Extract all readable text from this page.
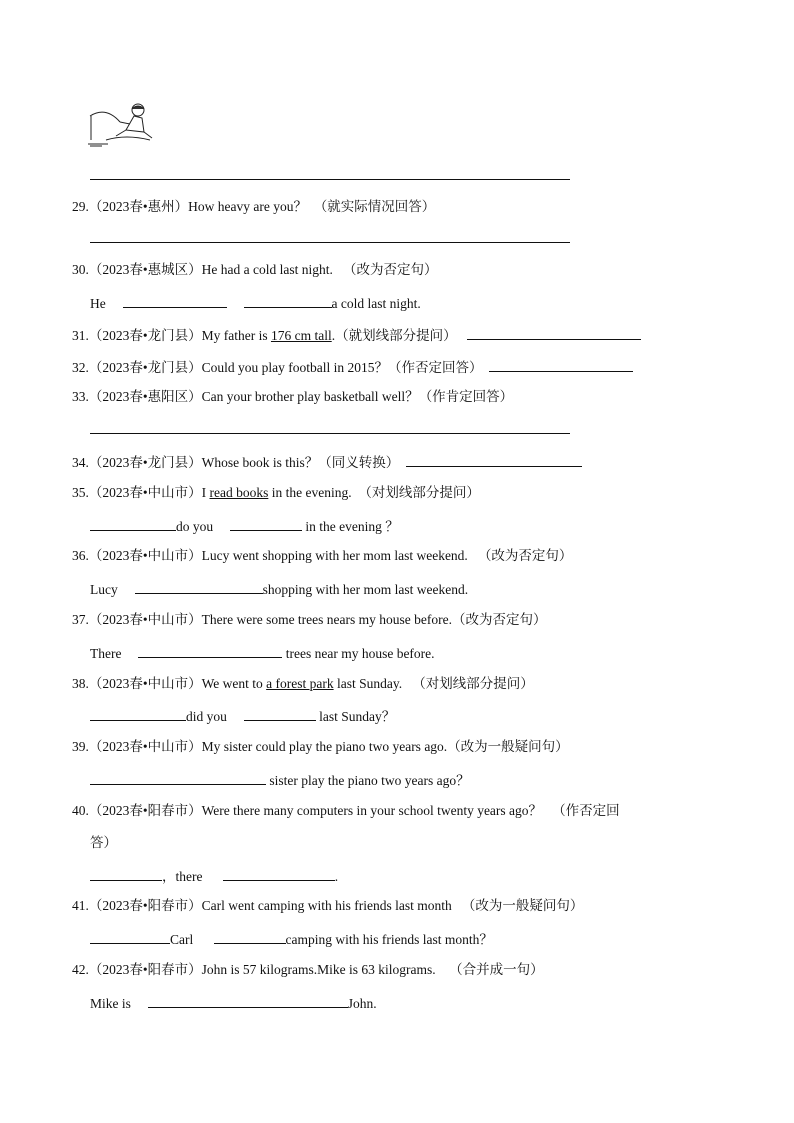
29.（2023春•惠州）How heavy are you？ （就实际情况回答）
30.（2023春•惠城区）He had a cold last night. （改为否定句）
He	a cold last night.
31.（2023春•龙门县）My father is 176 cm tall.（就划线部分提问）
32.（2023春•龙门县）Could you play football in 2015？（作否定回答）
33.（2023春•惠阳区）Can your brother play basketball well？（作肯定回答）
34.（2023春•龙门县）Whose book is this？（同义转换）
35.（2023春•中山市）I read books in the evening. （对划线部分提问）
do you	in the evening ？
36.（2023春•中山市）Lucy went shopping with her mom last weekend. （改为否定句）
Lucy	shopping with her mom last weekend.
37.（2023春•中山市）There were some trees nears my house before.（改为否定句）
There	trees near my house before.
38.（2023春•中山市）We went to a forest park last Sunday. （对划线部分提问）
did you	last Sunday？
39.（2023春•中山市）My sister could play the piano two years ago.（改为一般疑问句）
sister play the piano two years ago？
40.（2023春•阳春市）Were there many computers in your school twenty years ago？ （作否定回
答）
，there	.
41.（2023春•阳春市）Carl went camping with his friends last month （改为一般疑问句）
Carl	camping with his friends last month？
42.（2023春•阳春市）John is 57 kilograms.Mike is 63 kilograms. （合并成一句）
Mike is	John.
